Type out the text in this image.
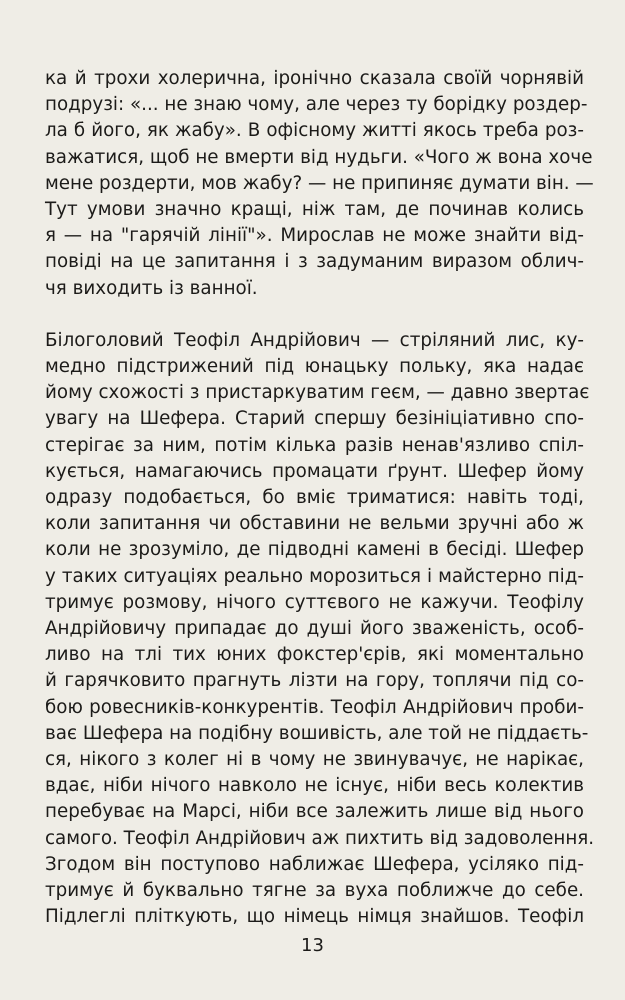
ка й трохи холерична, іронічно сказала своїй чорнявій
подрузі: «... не знаю чому, але через ту борідку роздер-
ла б його, як жабу». В офісному житті якось треба роз-
важатися, щоб не вмерти від нудьги. «Чого ж вона хоче
мене роздерти, мов жабу? — не припиняє думати він. —
Тут умови значно кращі, ніж там, де починав колись
я — на "гарячій лінії"». Мирослав не може знайти від-
повіді на це запитання і з задуманим виразом облич-
чя виходить із ванної.

Білоголовий Теофіл Андрійович — стріляний лис, ку-
медно підстрижений під юнацьку польку, яка надає
йому схожості з пристаркуватим геєм, — давно звертає
увагу на Шефера. Старий спершу безініціативно спо-
стерігає за ним, потім кілька разів ненав'язливо спіл-
кується, намагаючись промацати ґрунт. Шефер йому
одразу подобається, бо вміє триматися: навіть тоді,
коли запитання чи обставини не вельми зручні або ж
коли не зрозуміло, де підводні камені в бесіді. Шефер
у таких ситуаціях реально морозиться і майстерно під-
тримує розмову, нічого суттєвого не кажучи. Теофілу
Андрійовичу припадає до душі його зваженість, особ-
ливо на тлі тих юних фокстер'єрів, які моментально
й гарячковито прагнуть лізти на гору, топлячи під со-
бою ровесників-конкурентів. Теофіл Андрійович проби-
ває Шефера на подібну вошивість, але той не піддаєть-
ся, нікого з колег ні в чому не звинувачує, не нарікає,
вдає, ніби нічого навколо не існує, ніби весь колектив
перебуває на Марсі, ніби все залежить лише від нього
самого. Теофіл Андрійович аж пихтить від задоволення.
Згодом він поступово наближає Шефера, усіляко під-
тримує й буквально тягне за вуха поближче до себе.
Підлеглі пліткують, що німець німця знайшов. Теофіл

13
